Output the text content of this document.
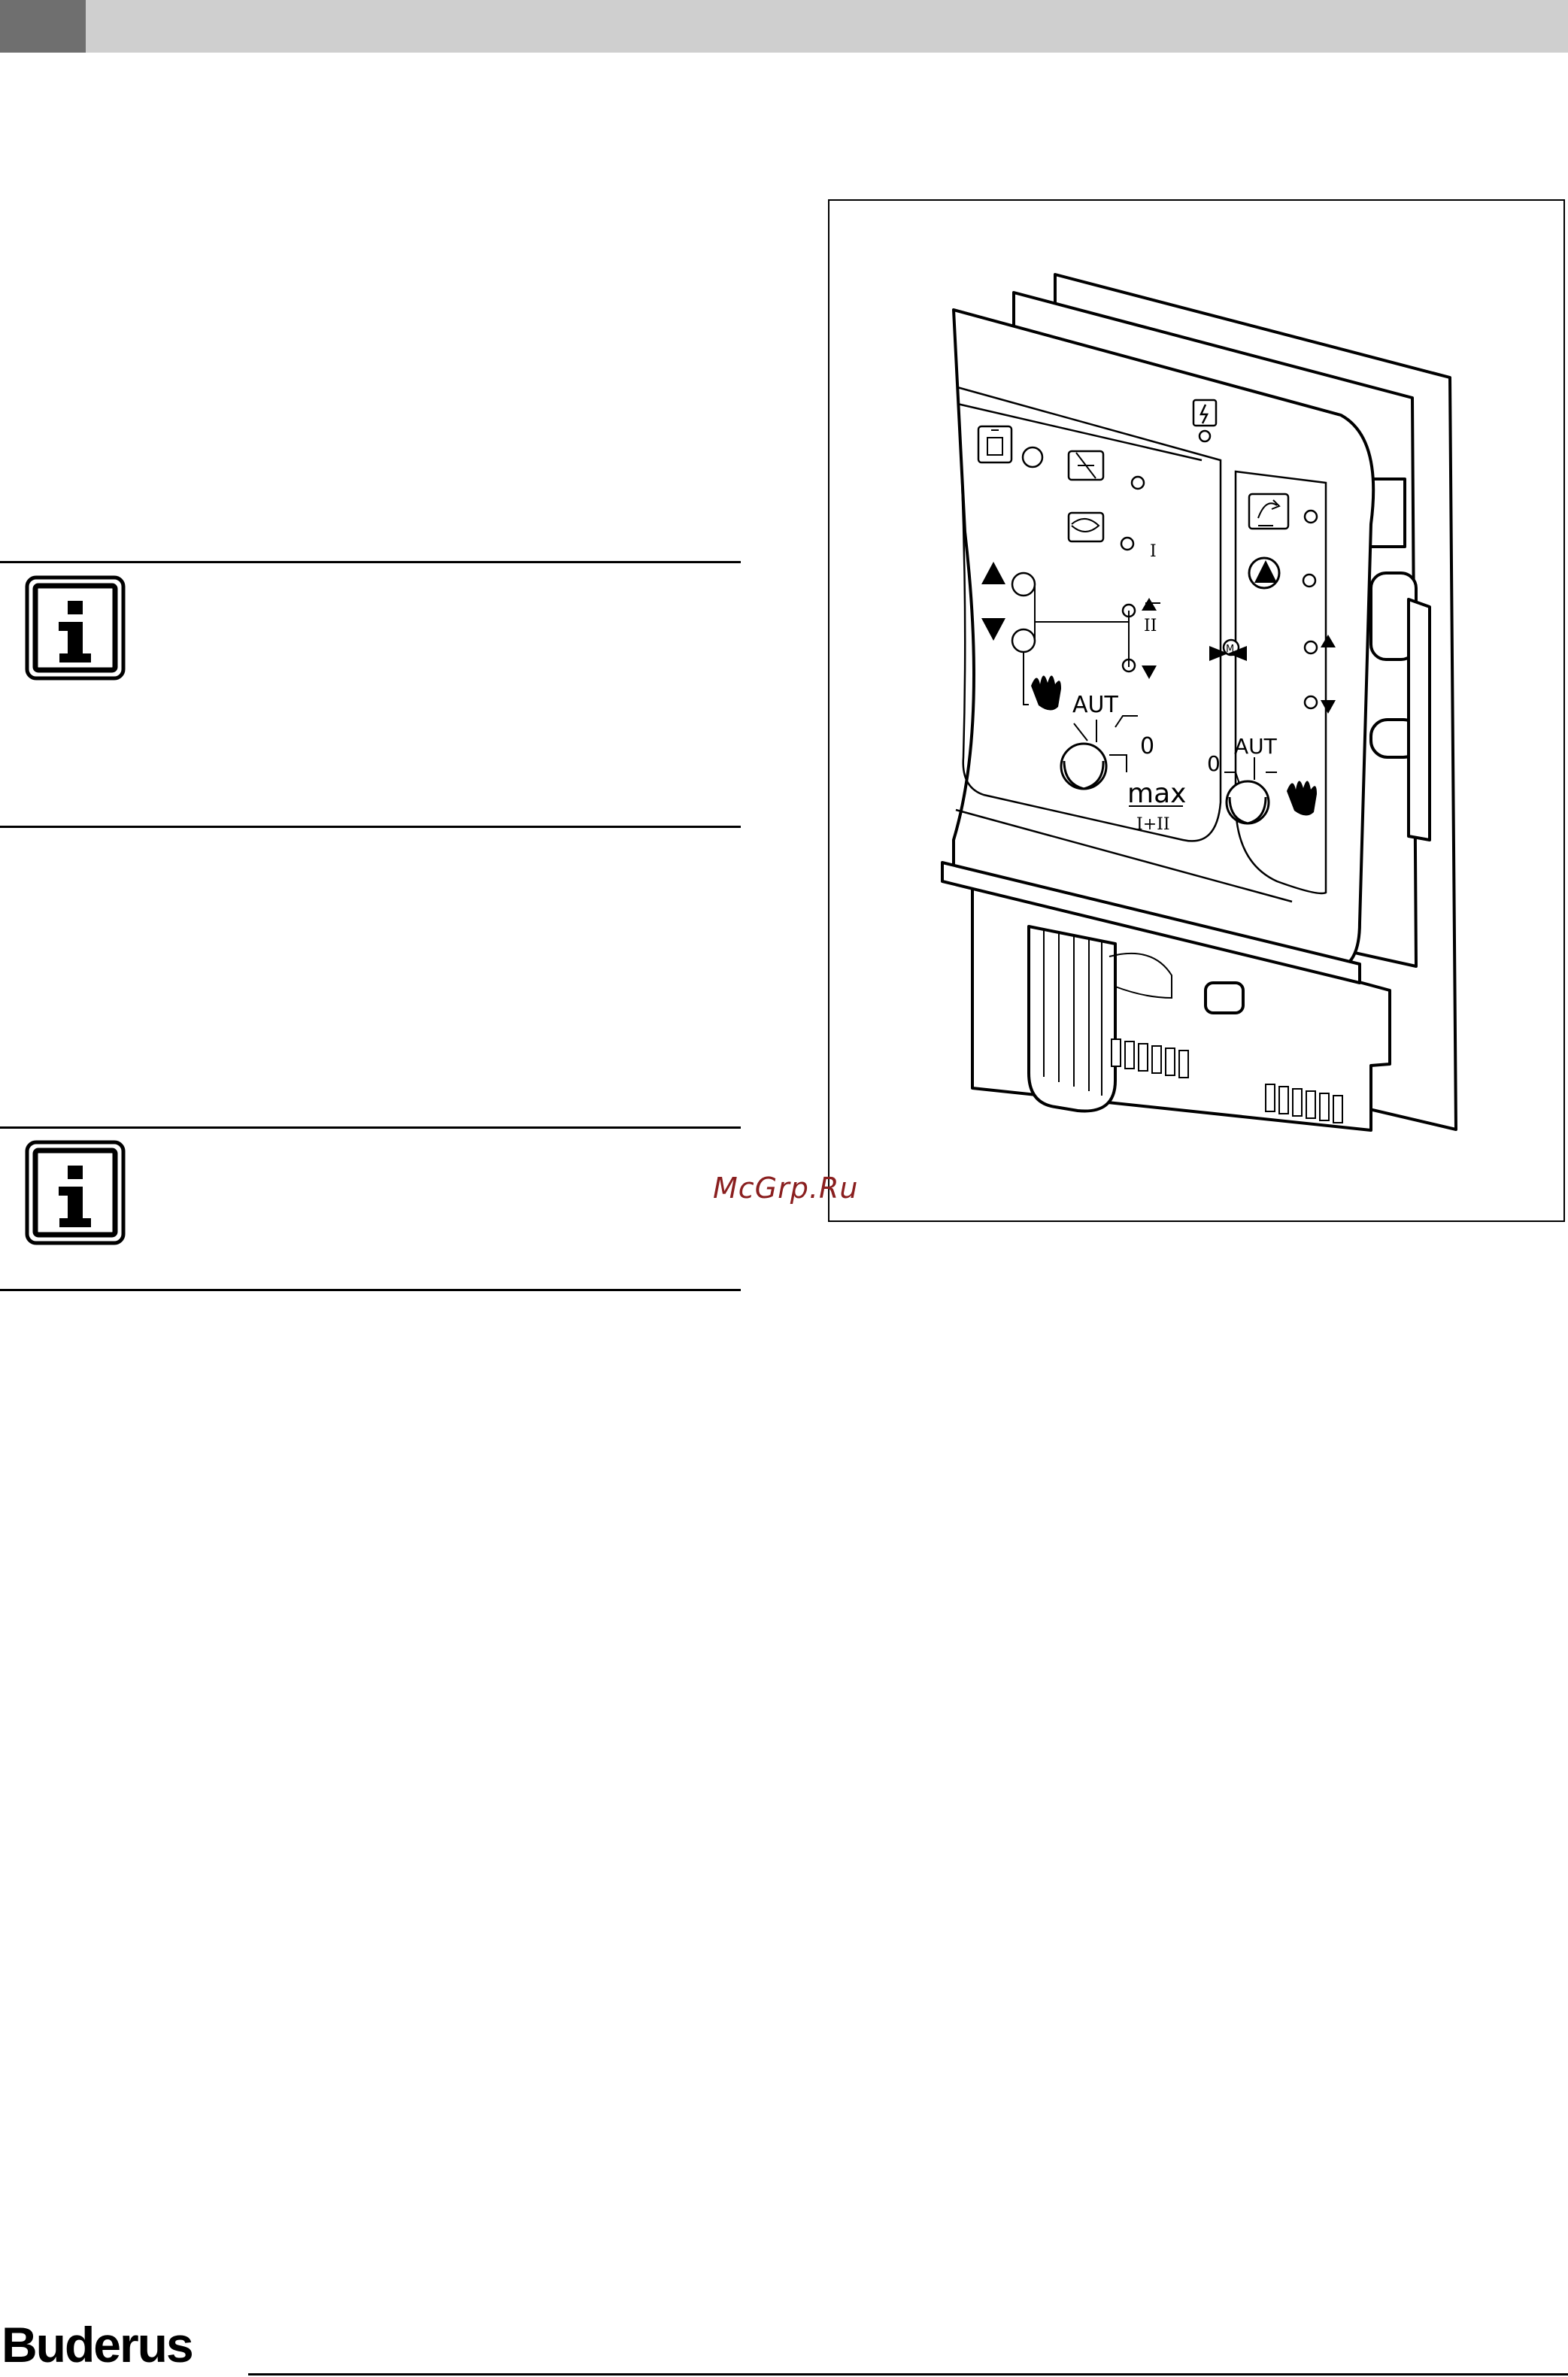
AUT
0
max
I+II
I
II
M
AUT
0
McGrp.Ru
Buderus
